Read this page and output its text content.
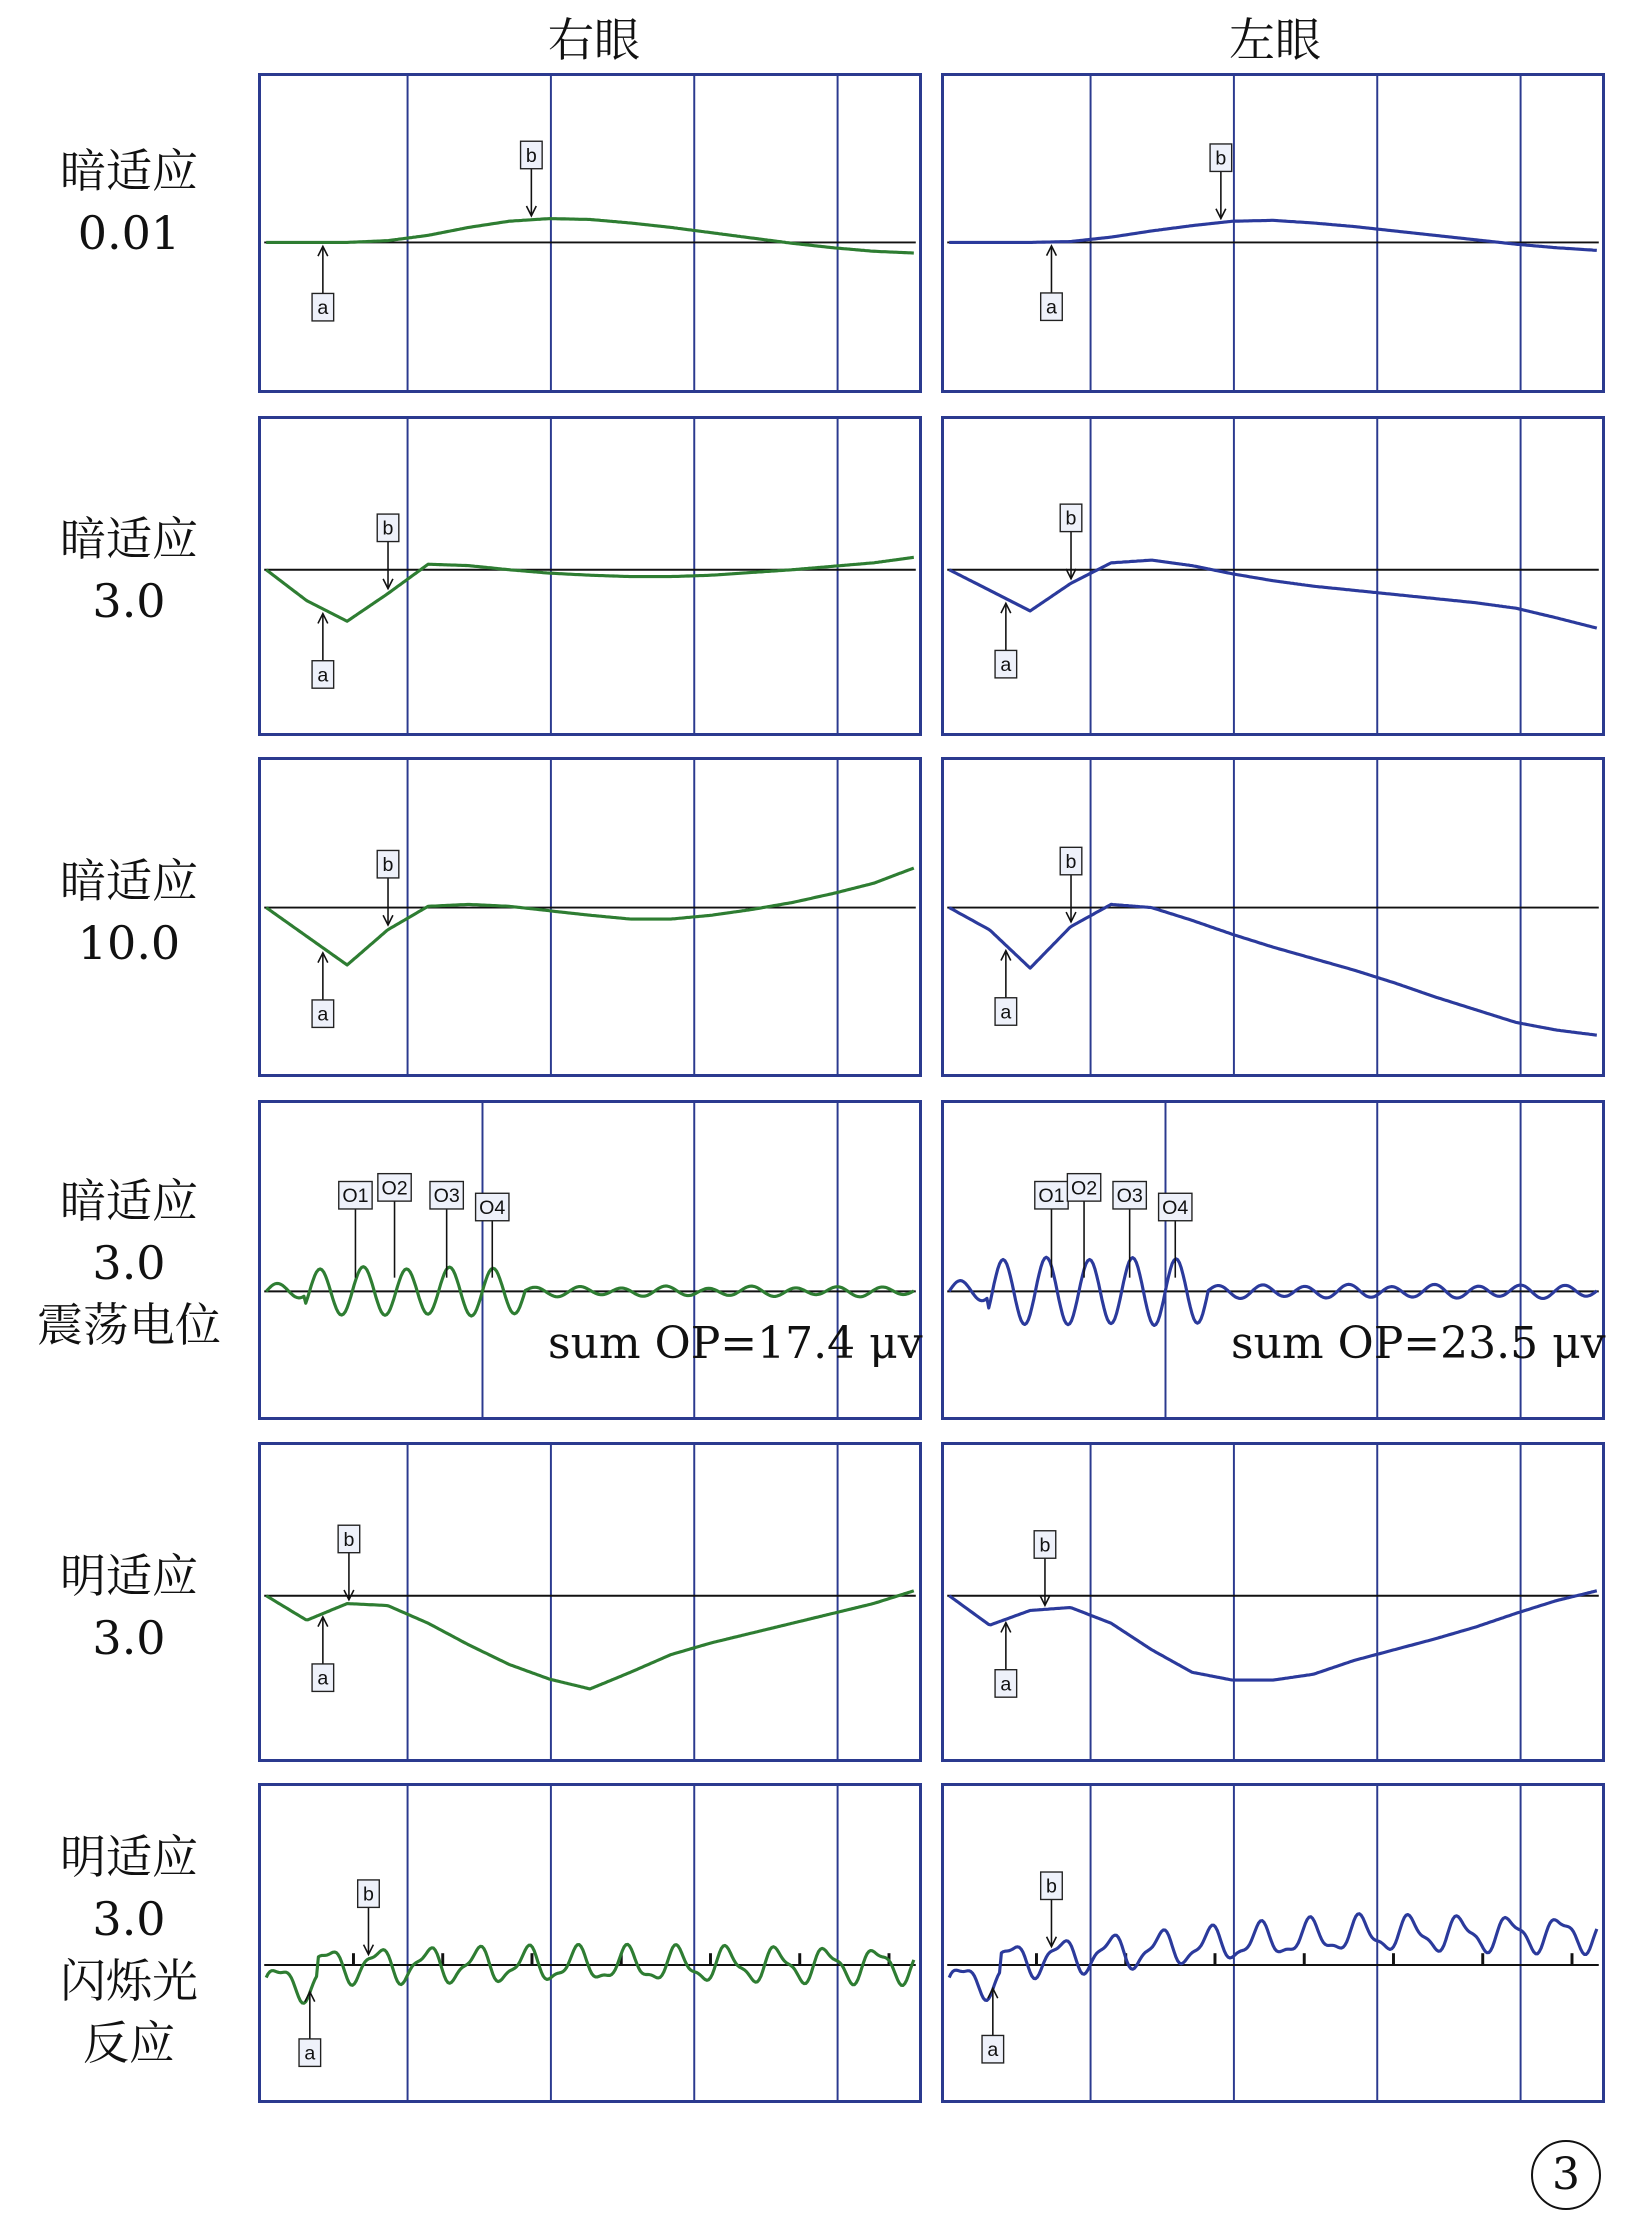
右眼	左眼
暗适应
0.01
暗适应
3.0
暗适应
10.0
暗适应
3.0
震荡电位
明适应
3.0
明适应
3.0
闪烁光
反应
a
b
a
b
a
b
a
b
a
b
a
b
O1 O2 O3
O4
sum OP=17.4 μv
O1 O2 O3
O4
sum OP=23.5 μv
a
b
a
b
a
b
a
b
3
